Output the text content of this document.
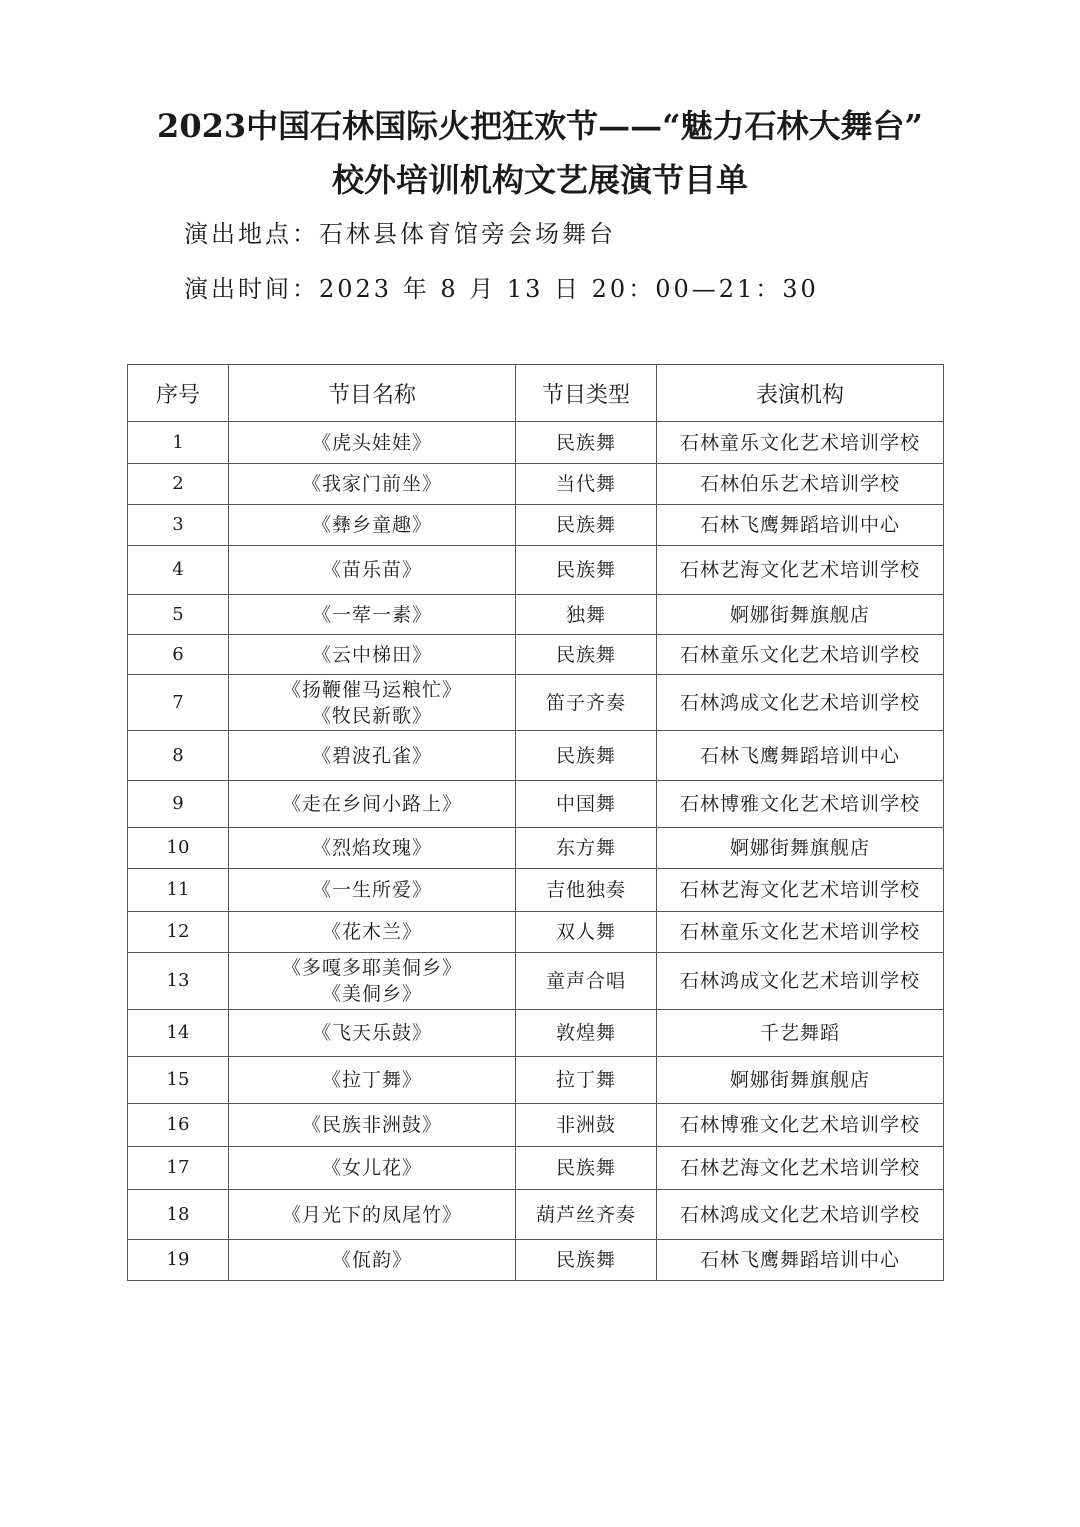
2023中国石林国际火把狂欢节——“魅力石林大舞台”
校外培训机构文艺展演节目单
演出地点：石林县体育馆旁会场舞台
演出时间：2023 年 8 月 13 日 20：00—21：30
序号	节目名称	节目类型	表演机构
1	《虎头娃娃》	民族舞	石林童乐文化艺术培训学校
2	《我家门前坐》	当代舞	石林伯乐艺术培训学校
3	《彝乡童趣》	民族舞	石林飞鹰舞蹈培训中心
4	《苗乐苗》	民族舞	石林艺海文化艺术培训学校
5	《一荤一素》	独舞	婀娜街舞旗舰店
6	《云中梯田》	民族舞	石林童乐文化艺术培训学校
7	《扬鞭催马运粮忙》
《牧民新歌》	笛子齐奏	石林鸿成文化艺术培训学校
8	《碧波孔雀》	民族舞	石林飞鹰舞蹈培训中心
9	《走在乡间小路上》	中国舞	石林博雅文化艺术培训学校
10	《烈焰玫瑰》	东方舞	婀娜街舞旗舰店
11	《一生所爱》	吉他独奏	石林艺海文化艺术培训学校
12	《花木兰》	双人舞	石林童乐文化艺术培训学校
13	《多嘎多耶美侗乡》
《美侗乡》	童声合唱	石林鸿成文化艺术培训学校
14	《飞天乐鼓》	敦煌舞	千艺舞蹈
15	《拉丁舞》	拉丁舞	婀娜街舞旗舰店
16	《民族非洲鼓》	非洲鼓	石林博雅文化艺术培训学校
17	《女儿花》	民族舞	石林艺海文化艺术培训学校
18	《月光下的凤尾竹》	葫芦丝齐奏	石林鸿成文化艺术培训学校
19	《佤韵》	民族舞	石林飞鹰舞蹈培训中心
